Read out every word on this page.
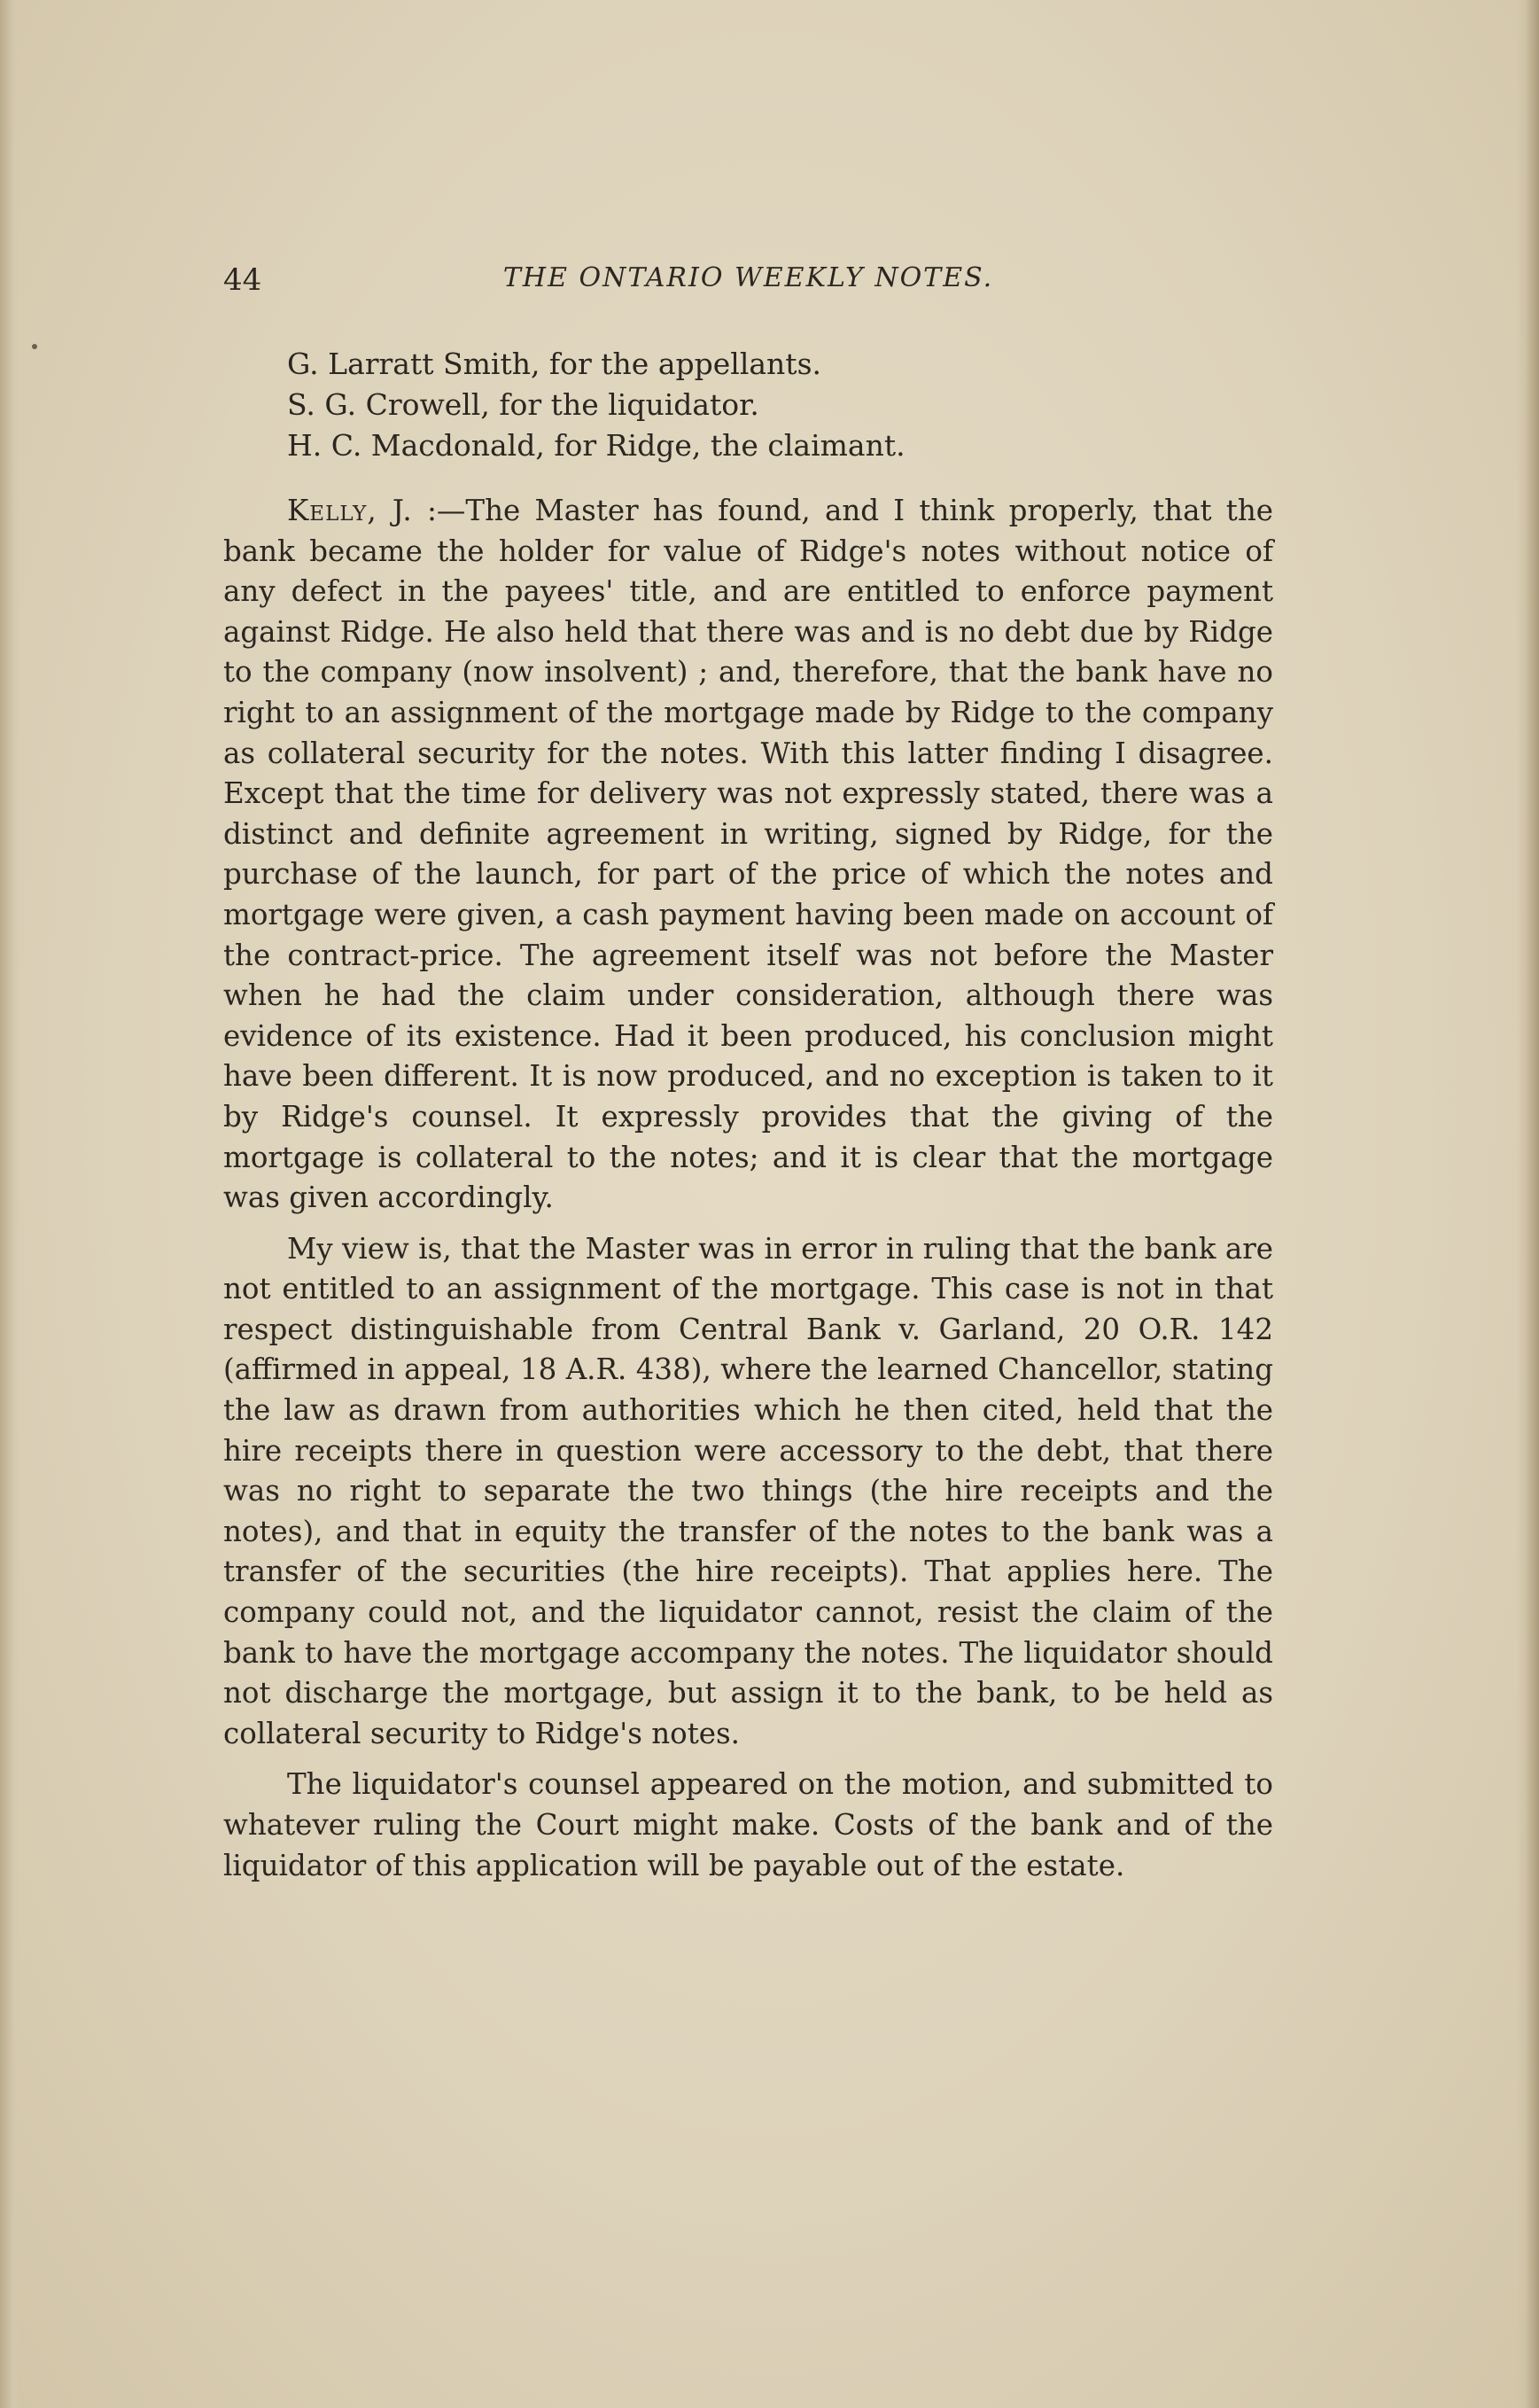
44	THE ONTARIO WEEKLY NOTES.
G. Larratt Smith, for the appellants.
S. G. Crowell, for the liquidator.
H. C. Macdonald, for Ridge, the claimant.

Kelly, J. :—The Master has found, and I think properly, that the bank became the holder for value of Ridge's notes without notice of any defect in the payees' title, and are entitled to enforce payment against Ridge. He also held that there was and is no debt due by Ridge to the company (now insolvent) ; and, therefore, that the bank have no right to an assignment of the mortgage made by Ridge to the company as collateral security for the notes. With this latter finding I disagree. Except that the time for delivery was not expressly stated, there was a distinct and definite agreement in writing, signed by Ridge, for the purchase of the launch, for part of the price of which the notes and mortgage were given, a cash payment having been made on account of the contract-price. The agreement itself was not before the Master when he had the claim under consideration, although there was evidence of its existence. Had it been produced, his conclusion might have been different. It is now produced, and no exception is taken to it by Ridge's counsel. It expressly provides that the giving of the mortgage is collateral to the notes; and it is clear that the mortgage was given accordingly.

My view is, that the Master was in error in ruling that the bank are not entitled to an assignment of the mortgage. This case is not in that respect distinguishable from Central Bank v. Garland, 20 O.R. 142 (affirmed in appeal, 18 A.R. 438), where the learned Chancellor, stating the law as drawn from authorities which he then cited, held that the hire receipts there in question were accessory to the debt, that there was no right to separate the two things (the hire receipts and the notes), and that in equity the transfer of the notes to the bank was a transfer of the securities (the hire receipts). That applies here. The company could not, and the liquidator cannot, resist the claim of the bank to have the mortgage accompany the notes. The liquidator should not discharge the mortgage, but assign it to the bank, to be held as collateral security to Ridge's notes.

The liquidator's counsel appeared on the motion, and submitted to whatever ruling the Court might make. Costs of the bank and of the liquidator of this application will be payable out of the estate.
